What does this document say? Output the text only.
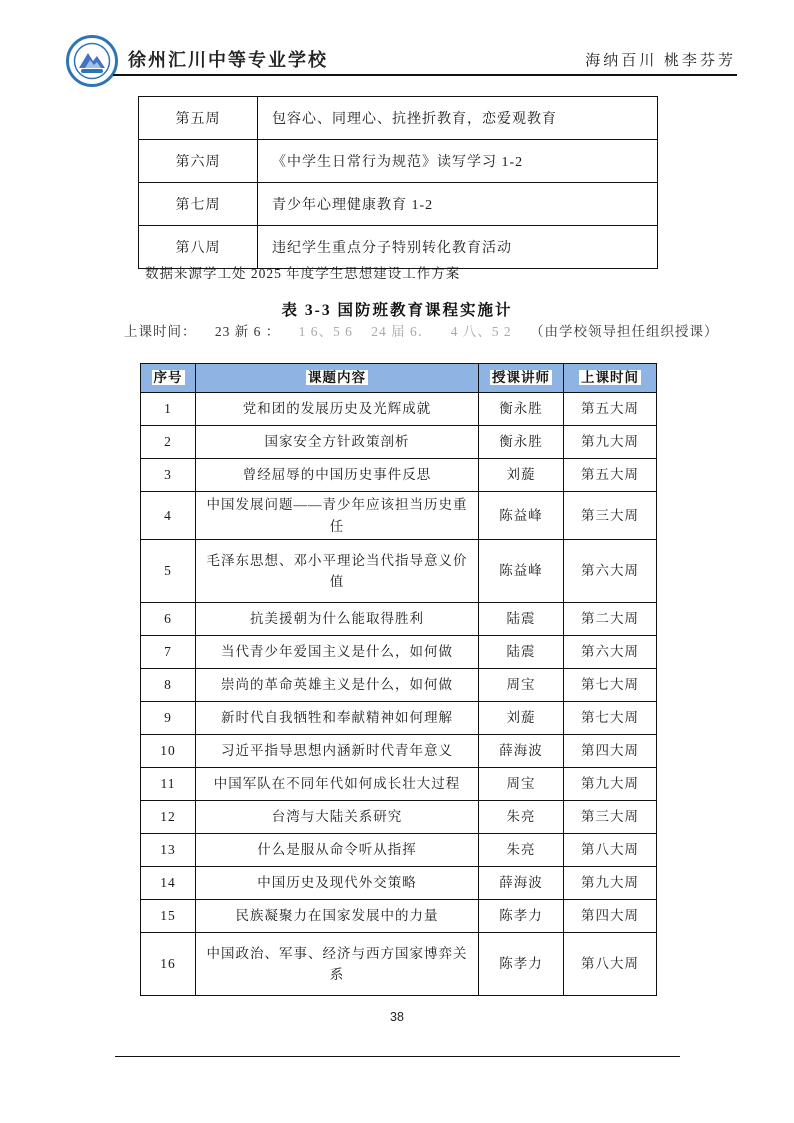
徐州汇川中等专业学校	海纳百川 桃李芬芳
第五周	包容心、同理心、抗挫折教育，恋爱观教育
第六周	《中学生日常行为规范》读写学习 1-2
第七周	青少年心理健康教育 1-2
第八周	违纪学生重点分子特别转化教育活动
数据来源学工处 2025 年度学生思想建设工作方案
表 3-3 国防班教育课程实施计
上课时间： 23 新 6 ： 1 6、5 6 24 届 6． 4 八、5 2 （由学校领导担任组织授课）
序号	课题内容	授课讲师	上课时间
1	党和团的发展历史及光辉成就	衡永胜	第五大周
2	国家安全方针政策剖析	衡永胜	第九大周
3	曾经屈辱的中国历史事件反思	刘蔙	第五大周
4	中国发展问题——青少年应该担当历史重任	陈益峰	第三大周
5	毛泽东思想、邓小平理论当代指导意义价值	陈益峰	第六大周
6	抗美援朝为什么能取得胜利	陆震	第二大周
7	当代青少年爱国主义是什么，如何做	陆震	第六大周
8	崇尚的革命英雄主义是什么，如何做	周宝	第七大周
9	新时代自我牺牲和奉献精神如何理解	刘蔙	第七大周
10	习近平指导思想内涵新时代青年意义	薛海波	第四大周
11	中国军队在不同年代如何成长壮大过程	周宝	第九大周
12	台湾与大陆关系研究	朱亮	第三大周
13	什么是服从命令听从指挥	朱亮	第八大周
14	中国历史及现代外交策略	薛海波	第九大周
15	民族凝聚力在国家发展中的力量	陈孝力	第四大周
16	中国政治、军事、经济与西方国家博弈关系	陈孝力	第八大周
38
